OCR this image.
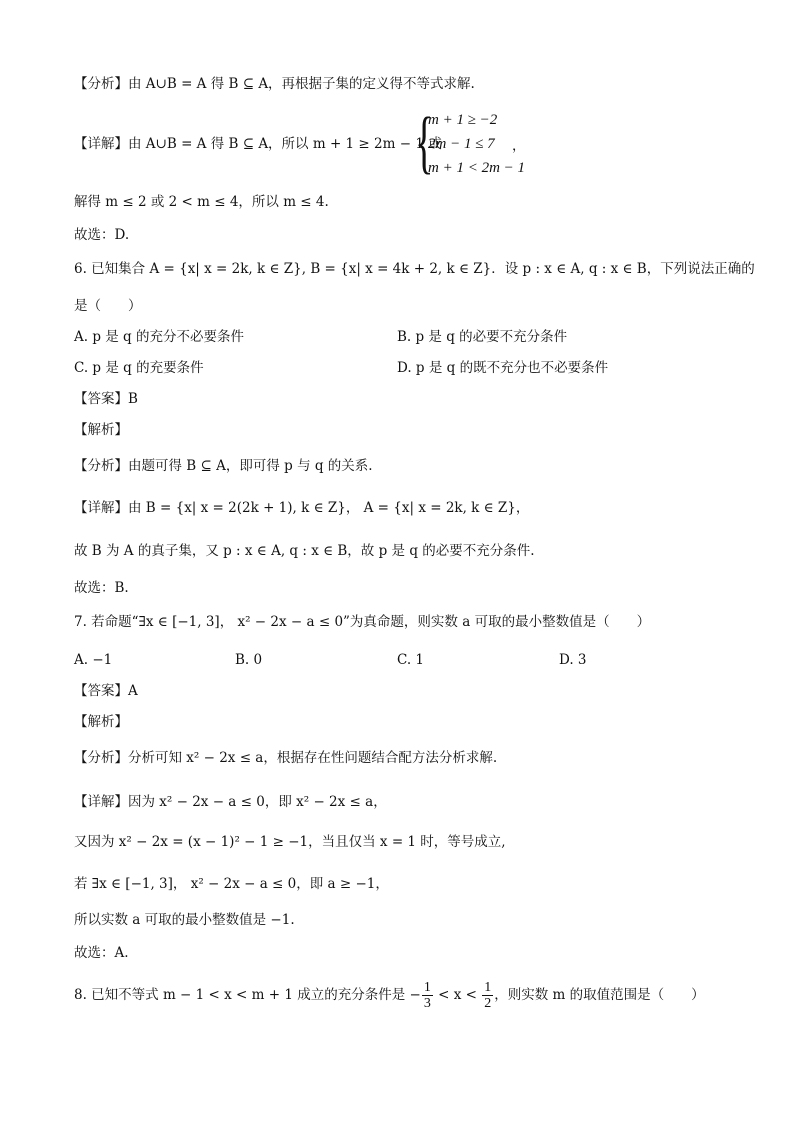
【分析】由 A∪B = A 得 B ⊆ A，再根据子集的定义得不等式求解.
【详解】由 A∪B = A 得 B ⊆ A，所以 m + 1 ≥ 2m − 1 或
{
m + 1 ≥ −2
2m − 1 ≤ 7
m + 1 < 2m − 1
，
解得 m ≤ 2 或 2 < m ≤ 4，所以 m ≤ 4.
故选：D.
6. 已知集合 A = {x| x = 2k, k ∈ Z}, B = {x| x = 4k + 2, k ∈ Z}．设 p : x ∈ A, q : x ∈ B，下列说法正确的
是（　　）
A. p 是 q 的充分不必要条件	B. p 是 q 的必要不充分条件
C. p 是 q 的充要条件	D. p 是 q 的既不充分也不必要条件
【答案】B
【解析】
【分析】由题可得 B ⊆ A，即可得 p 与 q 的关系.
【详解】由 B = {x| x = 2(2k + 1), k ∈ Z}， A = {x| x = 2k, k ∈ Z}，
故 B 为 A 的真子集，又 p : x ∈ A, q : x ∈ B，故 p 是 q 的必要不充分条件.
故选：B.
7. 若命题“∃x ∈ [−1, 3]， x² − 2x − a ≤ 0”为真命题，则实数 a 可取的最小整数值是（　　）
A. −1	B. 0	C. 1	D. 3
【答案】A
【解析】
【分析】分析可知 x² − 2x ≤ a，根据存在性问题结合配方法分析求解.
【详解】因为 x² − 2x − a ≤ 0，即 x² − 2x ≤ a，
又因为 x² − 2x = (x − 1)² − 1 ≥ −1，当且仅当 x = 1 时，等号成立,
若 ∃x ∈ [−1, 3]， x² − 2x − a ≤ 0，即 a ≥ −1，
所以实数 a 可取的最小整数值是 −1.
故选：A.
8. 已知不等式 m − 1 < x < m + 1 成立的充分条件是 − $\frac{1}{3} < x < \frac{1}{2}$ ，则实数 m 的取值范围是（　　）
